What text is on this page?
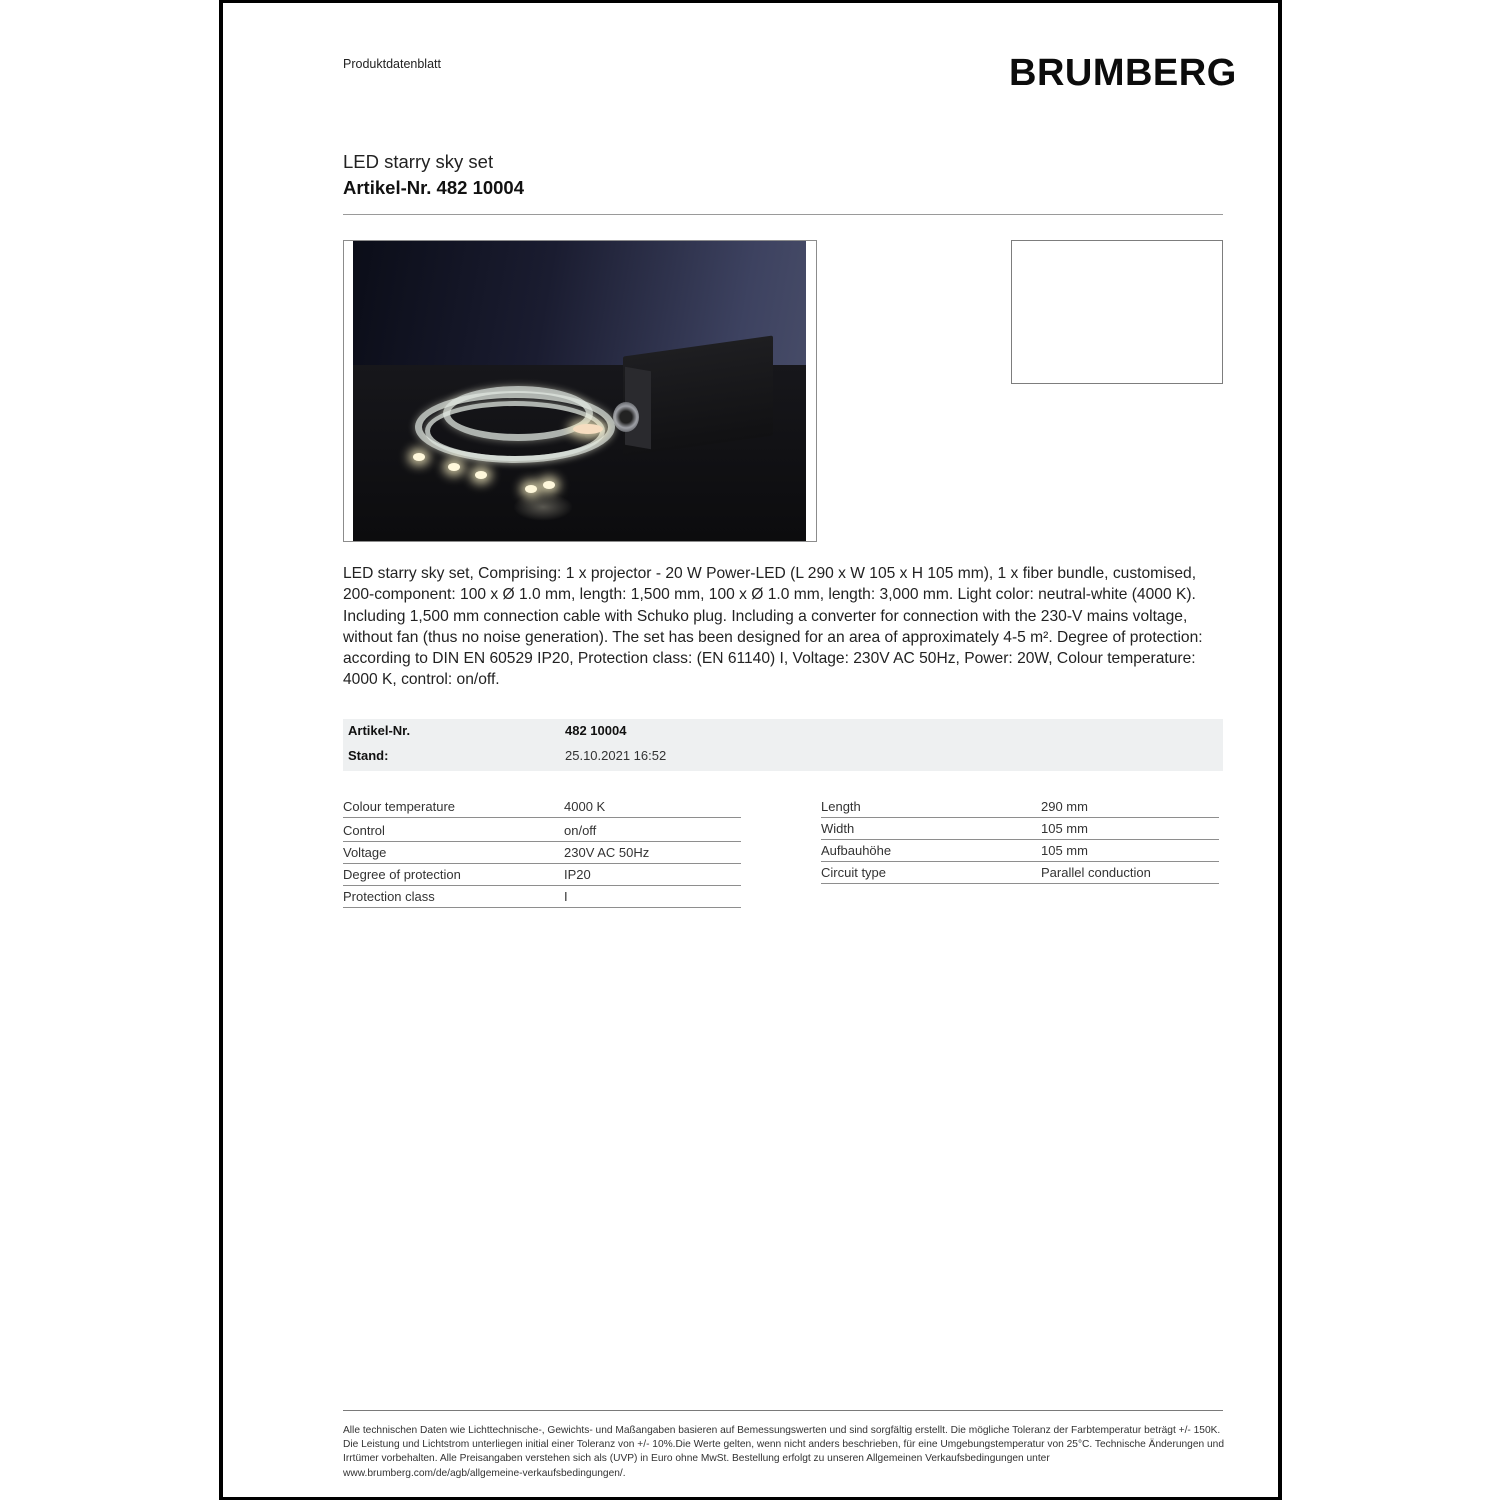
Produktdatenblatt	BRUMBERG
LED starry sky set
Artikel-Nr. 482 10004
LED starry sky set, Comprising: 1 x projector - 20 W Power-LED (L 290 x W 105 x H 105 mm), 1 x fiber bundle, customised, 200-component: 100 x Ø 1.0 mm, length: 1,500 mm, 100 x Ø 1.0 mm, length: 3,000 mm. Light color: neutral-white (4000 K). Including 1,500 mm connection cable with Schuko plug. Including a converter for connection with the 230-V mains voltage, without fan (thus no noise generation). The set has been designed for an area of approximately 4-5 m². Degree of protection: according to DIN EN 60529 IP20, Protection class: (EN 61140) I, Voltage: 230V AC 50Hz, Power: 20W, Colour temperature: 4000 K, control: on/off.
Artikel-Nr.	482 10004
Stand:	25.10.2021 16:52
Colour temperature	4000 K
Control	on/off
Voltage	230V AC 50Hz
Degree of protection	IP20
Protection class	I
Length	290 mm
Width	105 mm
Aufbauhöhe	105 mm
Circuit type	Parallel conduction
Alle technischen Daten wie Lichttechnische-, Gewichts- und Maßangaben basieren auf Bemessungswerten und sind sorgfältig erstellt. Die mögliche Toleranz der Farbtemperatur beträgt +/- 150K. Die Leistung und Lichtstrom unterliegen initial einer Toleranz von +/- 10%.Die Werte gelten, wenn nicht anders beschrieben, für eine Umgebungstemperatur von 25°C. Technische Änderungen und Irrtümer vorbehalten. Alle Preisangaben verstehen sich als (UVP) in Euro ohne MwSt. Bestellung erfolgt zu unseren Allgemeinen Verkaufsbedingungen unter www.brumberg.com/de/agb/allgemeine-verkaufsbedingungen/.
